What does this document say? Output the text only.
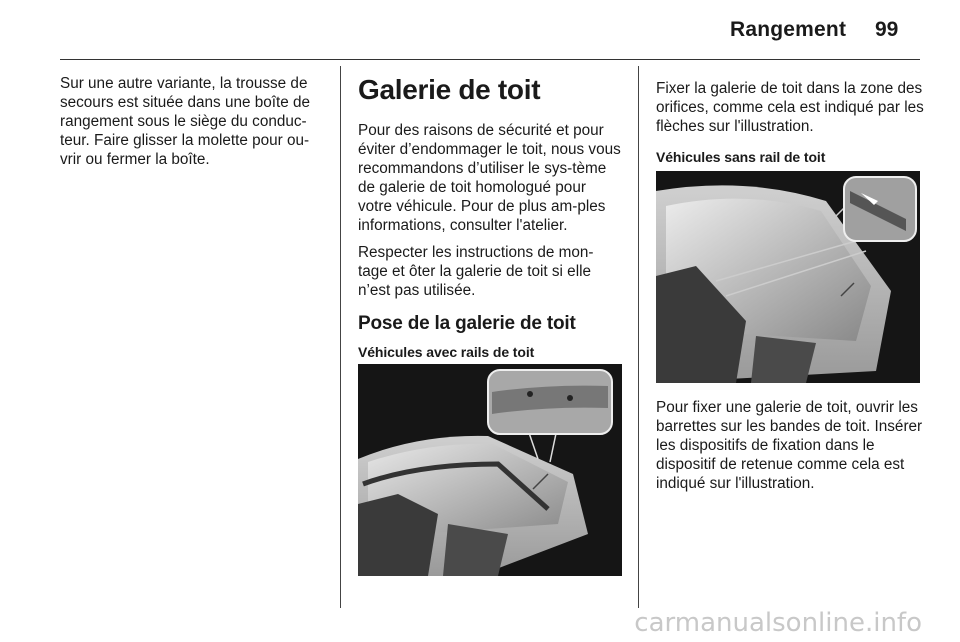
Rangement 99

Sur une autre variante, la trousse de secours est située dans une boîte de rangement sous le siège du conduc-teur. Faire glisser la molette pour ou-vrir ou fermer la boîte.

Galerie de toit

Pour des raisons de sécurité et pour éviter d’endommager le toit, nous vous recommandons d’utiliser le sys-tème de galerie de toit homologué pour votre véhicule. Pour de plus am-ples informations, consulter l'atelier.

Respecter les instructions de mon-tage et ôter la galerie de toit si elle n’est pas utilisée.

Pose de la galerie de toit

Véhicules avec rails de toit

Fixer la galerie de toit dans la zone des orifices, comme cela est indiqué par les flèches sur l'illustration.

Véhicules sans rail de toit

Pour fixer une galerie de toit, ouvrir les barrettes sur les bandes de toit. Insérer les dispositifs de fixation dans le dispositif de retenue comme cela est indiqué sur l'illustration.

carmanualsonline.info
